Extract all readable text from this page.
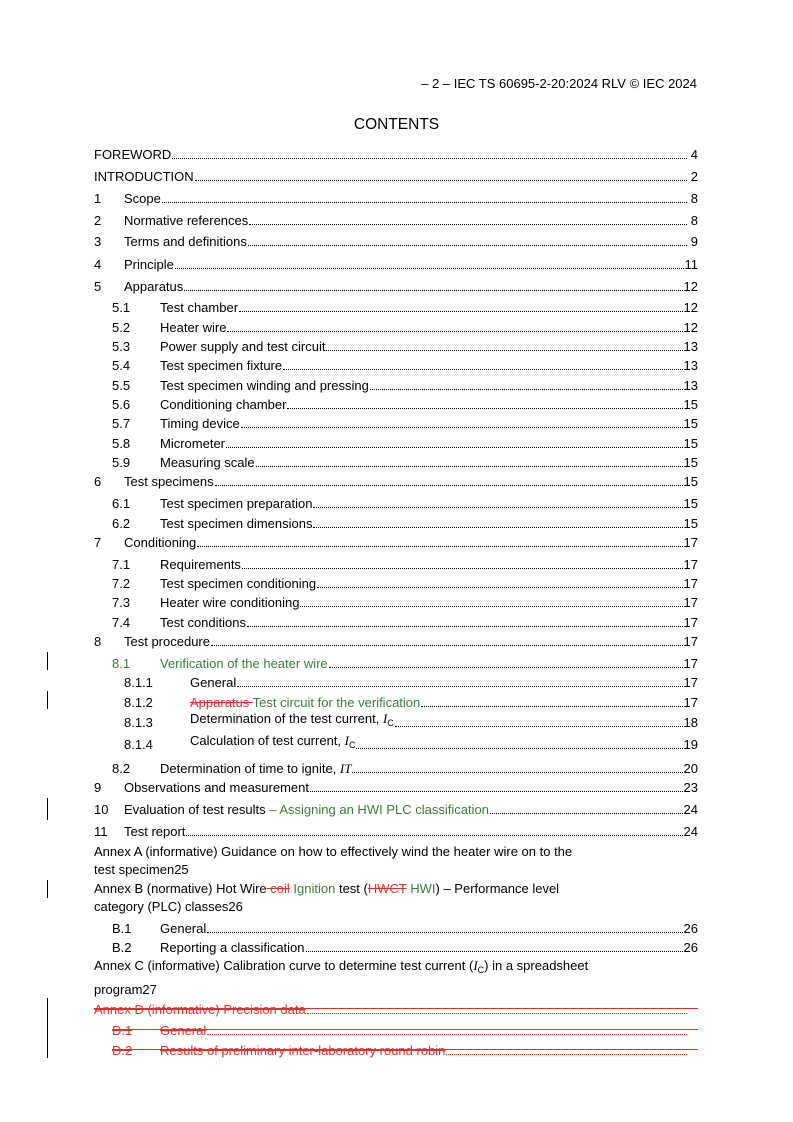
– 2 – IEC TS 60695-2-20:2024 RLV © IEC 2024
CONTENTS
FOREWORD	4
INTRODUCTION	2
1	Scope	8
2	Normative references	8
3	Terms and definitions	9
4	Principle	11
5	Apparatus	12
5.1	Test chamber	12
5.2	Heater wire	12
5.3	Power supply and test circuit	13
5.4	Test specimen fixture	13
5.5	Test specimen winding and pressing	13
5.6	Conditioning chamber	15
5.7	Timing device	15
5.8	Micrometer	15
5.9	Measuring scale	15
6	Test specimens	15
6.1	Test specimen preparation	15
6.2	Test specimen dimensions	15
7	Conditioning	17
7.1	Requirements	17
7.2	Test specimen conditioning	17
7.3	Heater wire conditioning	17
7.4	Test conditions	17
8	Test procedure	17
8.1	Verification of the heater wire	17
8.1.1	General	17
8.1.2	Apparatus Test circuit for the verification	17
8.1.3	Determination of the test current, $I_C$	18
8.1.4	Calculation of test current, $I_C$	19
8.2	Determination of time to ignite, IT	20
9	Observations and measurement	23
10	Evaluation of test results – Assigning an HWI PLC classification	24
11	Test report	24
Annex A (informative) Guidance on how to effectively wind the heater wire on to the
test specimen 25
Annex B (normative) Hot Wire coil Ignition test (HWCT HWI) – Performance level
category (PLC) classes 26
B.1	General	26
B.2	Reporting a classification	26
Annex C (informative) Calibration curve to determine test current $(I_C)$ in a spreadsheet
program 27
Annex D (informative) Precision data
D.1	General
D.2	Results of preliminary inter-laboratory round robin
